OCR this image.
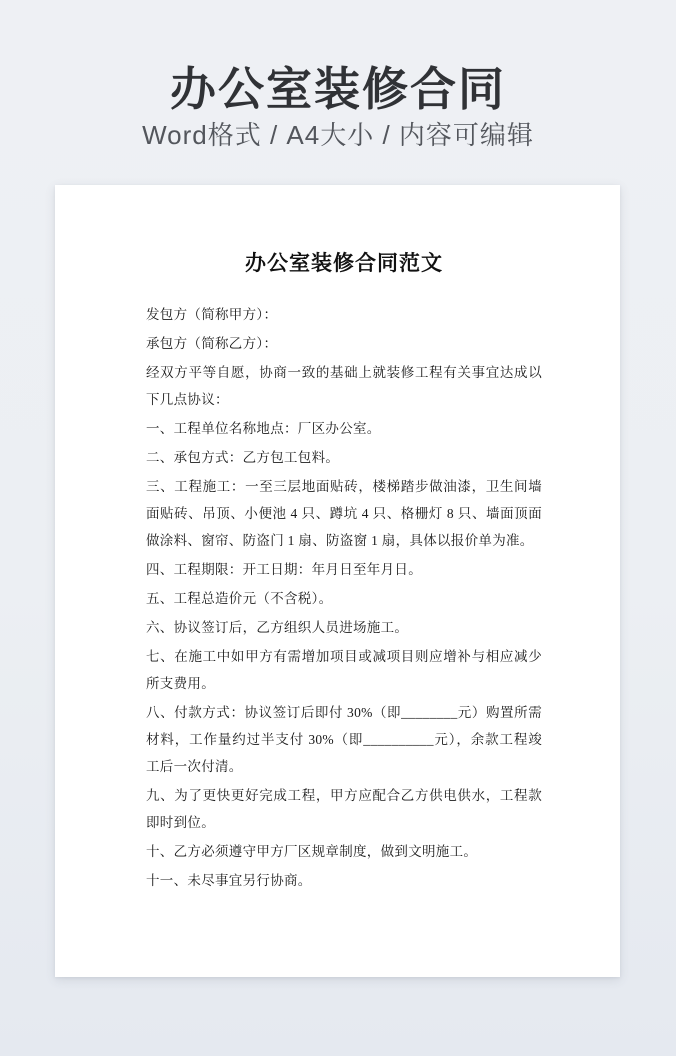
办公室装修合同

Word格式 / A4大小 / 内容可编辑

办公室装修合同范文

发包方（简称甲方）：

承包方（简称乙方）：

经双方平等自愿，协商一致的基础上就装修工程有关事宜达成以下几点协议：

一、工程单位名称地点：厂区办公室。

二、承包方式：乙方包工包料。

三、工程施工：一至三层地面贴砖，楼梯踏步做油漆，卫生间墙面贴砖、吊顶、小便池 4 只、蹲坑 4 只、格栅灯 8 只、墙面顶面做涂料、窗帘、防盗门 1 扇、防盗窗 1 扇，具体以报价单为准。

四、工程期限：开工日期：年月日至年月日。

五、工程总造价元（不含税）。

六、协议签订后，乙方组织人员进场施工。

七、在施工中如甲方有需增加项目或减项目则应增补与相应减少所支费用。

八、付款方式：协议签订后即付 30%（即________元）购置所需材料，工作量约过半支付 30%（即__________元），余款工程竣工后一次付清。

九、为了更快更好完成工程，甲方应配合乙方供电供水，工程款即时到位。

十、乙方必须遵守甲方厂区规章制度，做到文明施工。

十一、未尽事宜另行协商。
